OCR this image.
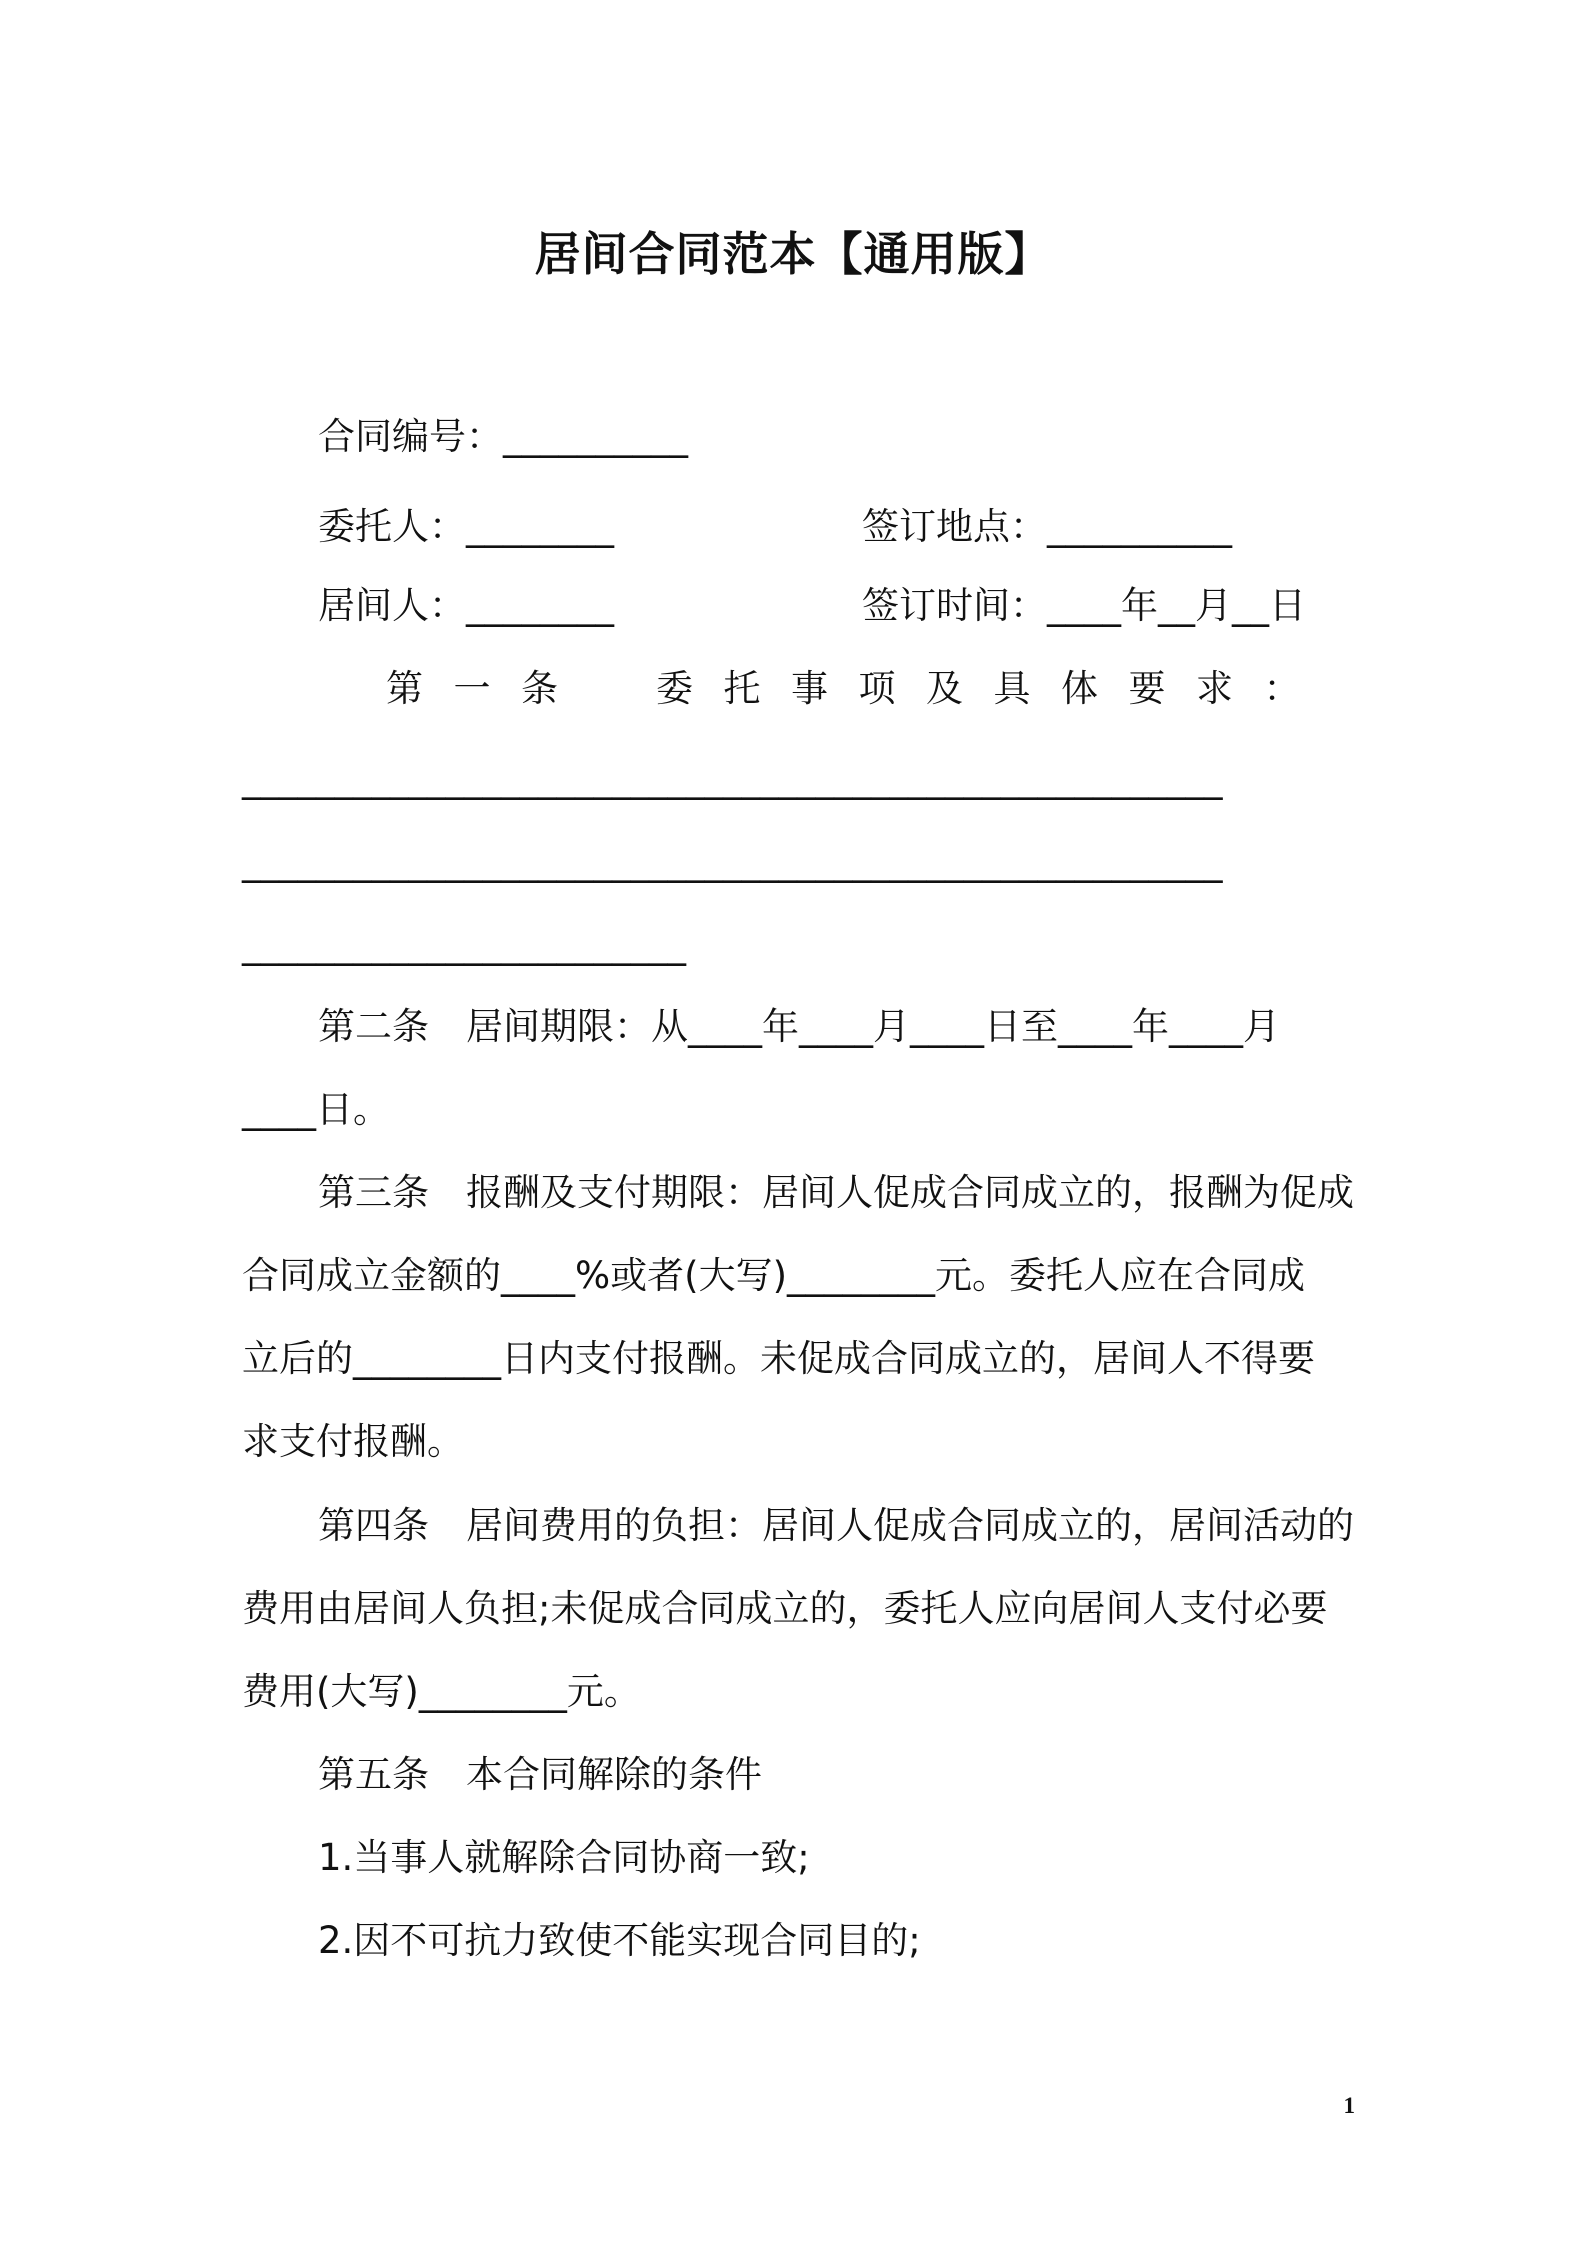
居间合同范本【通用版】
合同编号：__________
委托人：________	签订地点：__________
居间人：________	签订时间：____年__月__日
第一条　委托事项及具体要求：
_____________________________________________________
_____________________________________________________
________________________
第二条　居间期限：从____年____月____日至____年____月
____日。
第三条　报酬及支付期限：居间人促成合同成立的，报酬为促成
合同成立金额的____%或者(大写)________元。委托人应在合同成
立后的________日内支付报酬。未促成合同成立的，居间人不得要
求支付报酬。
第四条　居间费用的负担：居间人促成合同成立的，居间活动的
费用由居间人负担;未促成合同成立的，委托人应向居间人支付必要
费用(大写)________元。
第五条　本合同解除的条件
1.当事人就解除合同协商一致;
2.因不可抗力致使不能实现合同目的;
1
